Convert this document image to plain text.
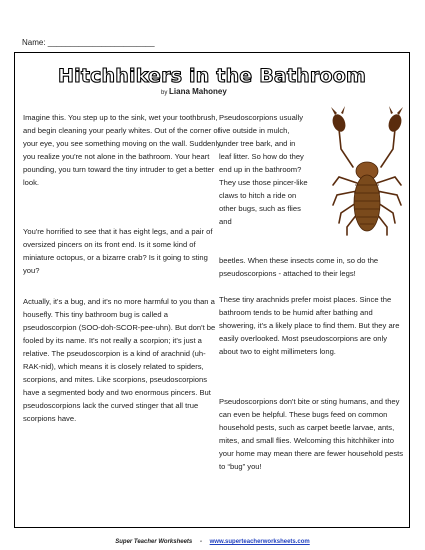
Name: ________________________
Hitchhikers in the Bathroom
by Liana Mahoney

Imagine this. You step up to the sink, wet your toothbrush, and begin cleaning your pearly whites. Out of the corner of your eye, you see something moving on the wall. Suddenly, you realize you're not alone in the bathroom. Your heart pounding, you turn toward the tiny intruder to get a better look.

You're horrified to see that it has eight legs, and a pair of oversized pincers on its front end. Is it some kind of miniature octopus, or a bizarre crab? Is it going to sting you?

Actually, it's a bug, and it's no more harmful to you than a housefly. This tiny bathroom bug is called a pseudoscorpion (SOO-doh-SCOR-pee-uhn). But don't be fooled by its name. It's not really a scorpion; it's just a relative. The pseudoscorpion is a kind of arachnid (uh-RAK-nid), which means it is closely related to spiders, scorpions, and mites. Like scorpions, pseudoscorpions have a segmented body and two enormous pincers. But pseudoscorpions lack the curved stinger that all true scorpions have.

Pseudoscorpions usually live outside in mulch, under tree bark, and in leaf litter. So how do they end up in the bathroom? They use those pincer-like claws to hitch a ride on other bugs, such as flies and

beetles. When these insects come in, so do the pseudoscorpions - attached to their legs!

These tiny arachnids prefer moist places. Since the bathroom tends to be humid after bathing and showering, it's a likely place to find them. But they are easily overlooked. Most pseudoscorpions are only about two to eight millimeters long.

Pseudoscorpions don't bite or sting humans, and they can even be helpful. These bugs feed on common household pests, such as carpet beetle larvae, ants, mites, and small flies. Welcoming this hitchhiker into your home may mean there are fewer household pests to “bug” you!

Super Teacher Worksheets - www.superteacherworksheets.com
